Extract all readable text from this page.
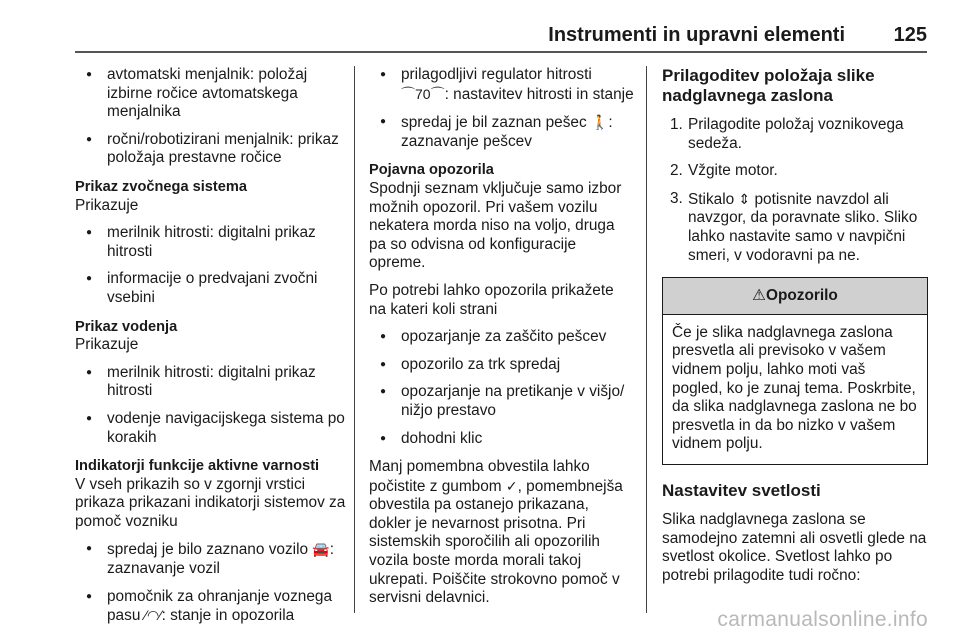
Instrumenti in upravni elementi 125
● avtomatski menjalnik: položaj izbirne ročice avtomatskega menjalnika
● ročni/robotizirani menjalnik: prikaz položaja prestavne ročice
Prikaz zvočnega sistema
Prikazuje
● merilnik hitrosti: digitalni prikaz hitrosti
● informacije o predvajani zvočni vsebini
Prikaz vodenja
Prikazuje
● merilnik hitrosti: digitalni prikaz hitrosti
● vodenje navigacijskega sistema po korakih
Indikatorji funkcije aktivne varnosti
V vseh prikazih so v zgornji vrstici prikaza prikazani indikatorji sistemov za pomoč vozniku
● spredaj je bilo zaznano vozilo 🚘: zaznavanje vozil
● pomočnik za ohranjanje voznega pasu ⁄◠⁄: stanje in opozorila
● prilagodljivi regulator hitrosti ⌒70⌒: nastavitev hitrosti in stanje
● spredaj je bil zaznan pešec 🚶: zaznavanje pešcev
Pojavna opozorila
Spodnji seznam vključuje samo izbor možnih opozoril. Pri vašem vozilu nekatera morda niso na voljo, druga pa so odvisna od konfiguracije opreme.
Po potrebi lahko opozorila prikažete na kateri koli strani
● opozarjanje za zaščito pešcev
● opozorilo za trk spredaj
● opozarjanje na pretikanje v višjo/ nižjo prestavo
● dohodni klic
Manj pomembna obvestila lahko počistite z gumbom ✓, pomembnejša obvestila pa ostanejo prikazana, dokler je nevarnost prisotna. Pri sistemskih sporočilih ali opozorilih vozila boste morda morali takoj ukrepati. Poiščite strokovno pomoč v servisni delavnici.
Prilagoditev položaja slike nadglavnega zaslona
1. Prilagodite položaj voznikovega sedeža.
2. Vžgite motor.
3. Stikalo ⇕ potisnite navzdol ali navzgor, da poravnate sliko. Sliko lahko nastavite samo v navpični smeri, v vodoravni pa ne.
⚠Opozorilo
Če je slika nadglavnega zaslona presvetla ali previsoko v vašem vidnem polju, lahko moti vaš pogled, ko je zunaj tema. Poskrbite, da slika nadglavnega zaslona ne bo presvetla in da bo nizko v vašem vidnem polju.
Nastavitev svetlosti
Slika nadglavnega zaslona se samodejno zatemni ali osvetli glede na svetlost okolice. Svetlost lahko po potrebi prilagodite tudi ročno:
carmanualsonline.info
